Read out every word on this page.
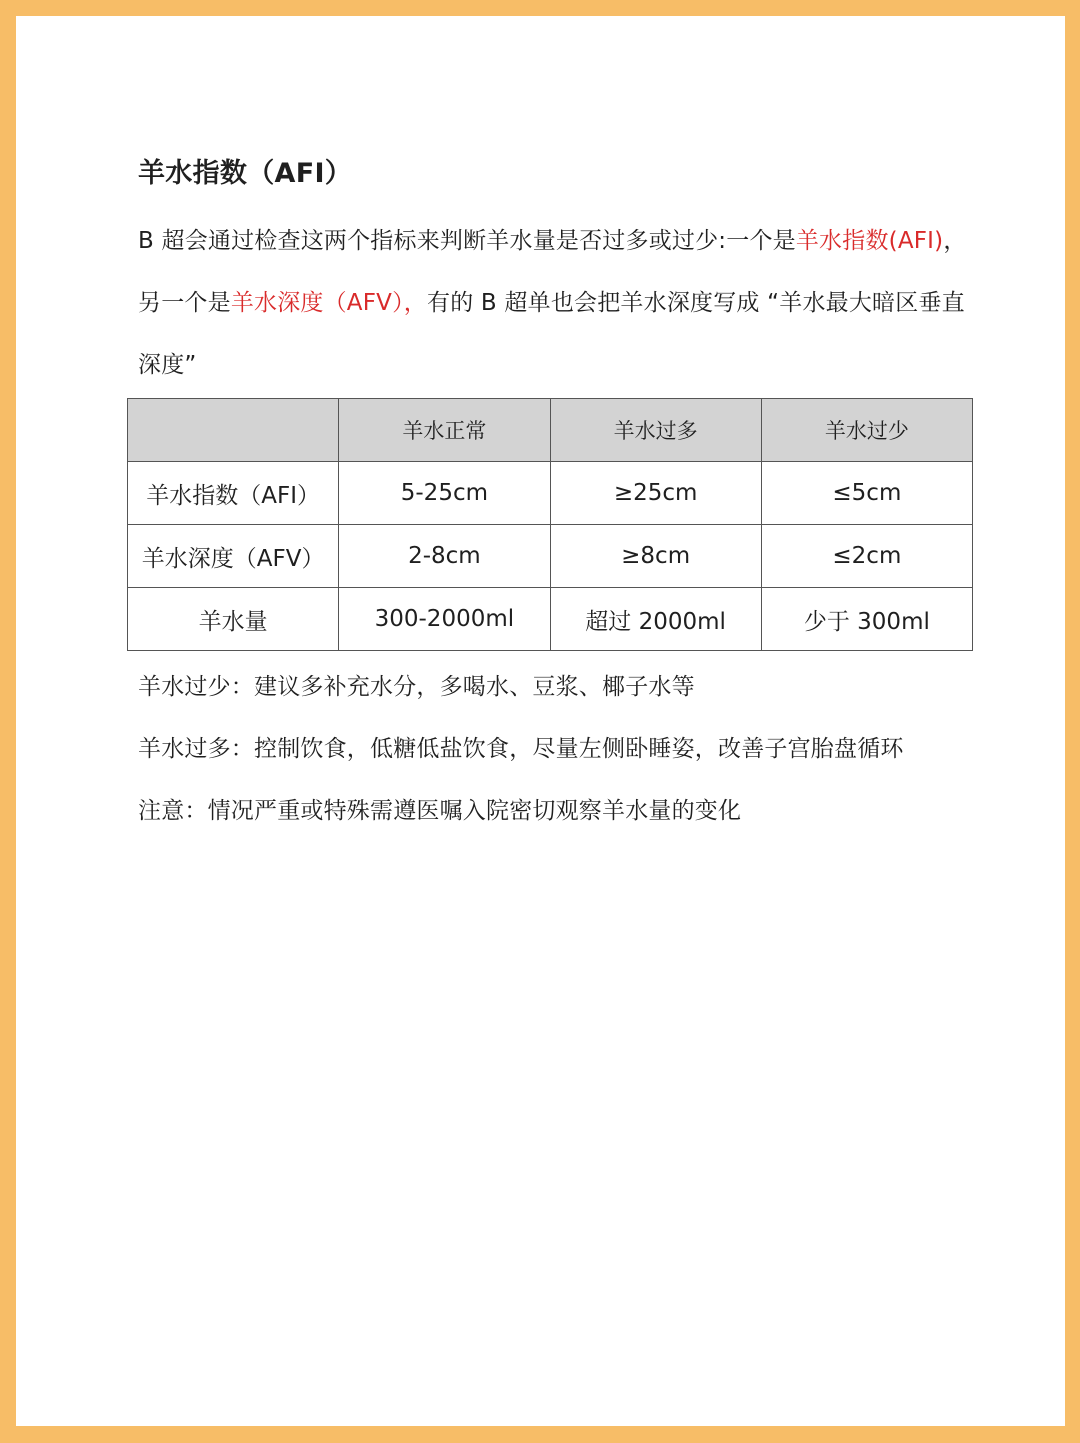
羊水指数（AFI）

B 超会通过检查这两个指标来判断羊水量是否过多或过少:一个是羊水指数(AFI)，另一个是羊水深度（AFV），有的 B 超单也会把羊水深度写成 “羊水最大暗区垂直深度”

	羊水正常	羊水过多	羊水过少
羊水指数（AFI）	5-25cm	≥25cm	≤5cm
羊水深度（AFV）	2-8cm	≥8cm	≤2cm
羊水量	300-2000ml	超过 2000ml	少于 300ml

羊水过少：建议多补充水分，多喝水、豆浆、椰子水等

羊水过多：控制饮食，低糖低盐饮食，尽量左侧卧睡姿，改善子宫胎盘循环

注意：情况严重或特殊需遵医嘱入院密切观察羊水量的变化
